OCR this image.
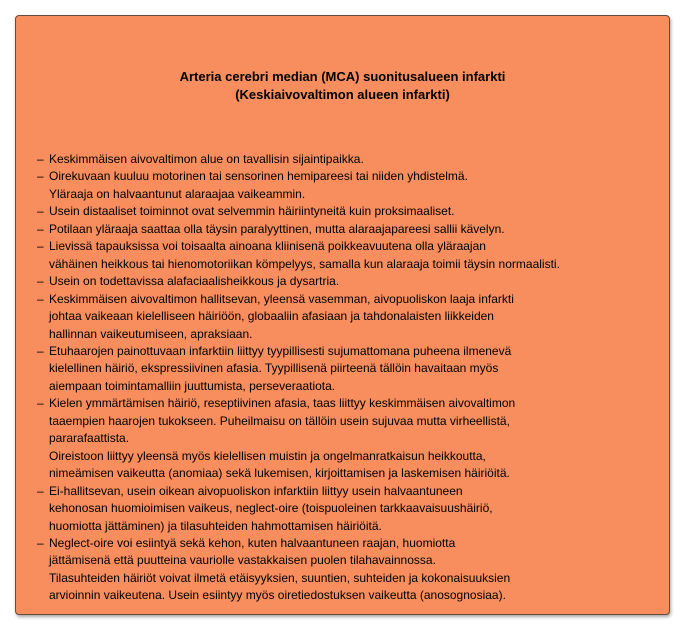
Arteria cerebri median (MCA) suonitusalueen infarkti
(Keskiaivovaltimon alueen infarkti)
– Keskimmäisen aivovaltimon alue on tavallisin sijaintipaikka.
– Oirekuvaan kuuluu motorinen tai sensorinen hemipareesi tai niiden yhdistelmä.
Yläraaja on halvaantunut alaraajaa vaikeammin.
– Usein distaaliset toiminnot ovat selvemmin häiriintyneitä kuin proksimaaliset.
– Potilaan yläraaja saattaa olla täysin paralyyttinen, mutta alaraajapareesi sallii kävelyn.
– Lievissä tapauksissa voi toisaalta ainoana kliinisenä poikkeavuutena olla yläraajan
vähäinen heikkous tai hienomotoriikan kömpelyys, samalla kun alaraaja toimii täysin normaalisti.
– Usein on todettavissa alafaciaalisheikkous ja dysartria.
– Keskimmäisen aivovaltimon hallitsevan, yleensä vasemman, aivopuoliskon laaja infarkti
johtaa vaikeaan kielelliseen häiriöön, globaaliin afasiaan ja tahdonalaisten liikkeiden
hallinnan vaikeutumiseen, apraksiaan.
– Etuhaarojen painottuvaan infarktiin liittyy tyypillisesti sujumattomana puheena ilmenevä
kielellinen häiriö, ekspressiivinen afasia. Tyypillisenä piirteenä tällöin havaitaan myös
aiempaan toimintamalliin juuttumista, perseveraatiota.
– Kielen ymmärtämisen häiriö, reseptiivinen afasia, taas liittyy keskimmäisen aivovaltimon
taaempien haarojen tukokseen. Puheilmaisu on tällöin usein sujuvaa mutta virheellistä,
pararafaattista.
Oireistoon liittyy yleensä myös kielellisen muistin ja ongelmanratkaisun heikkoutta,
nimeämisen vaikeutta (anomiaa) sekä lukemisen, kirjoittamisen ja laskemisen häiriöitä.
– Ei-hallitsevan, usein oikean aivopuoliskon infarktiin liittyy usein halvaantuneen
kehonosan huomioimisen vaikeus, neglect-oire (toispuoleinen tarkkaavaisuushäiriö,
huomiotta jättäminen) ja tilasuhteiden hahmottamisen häiriöitä.
– Neglect-oire voi esiintyä sekä kehon, kuten halvaantuneen raajan, huomiotta
jättämisenä että puutteina vauriolle vastakkaisen puolen tilahavainnossa.
Tilasuhteiden häiriöt voivat ilmetä etäisyyksien, suuntien, suhteiden ja kokonaisuuksien
arvioinnin vaikeutena. Usein esiintyy myös oiretiedostuksen vaikeutta (anosognosiaa).
